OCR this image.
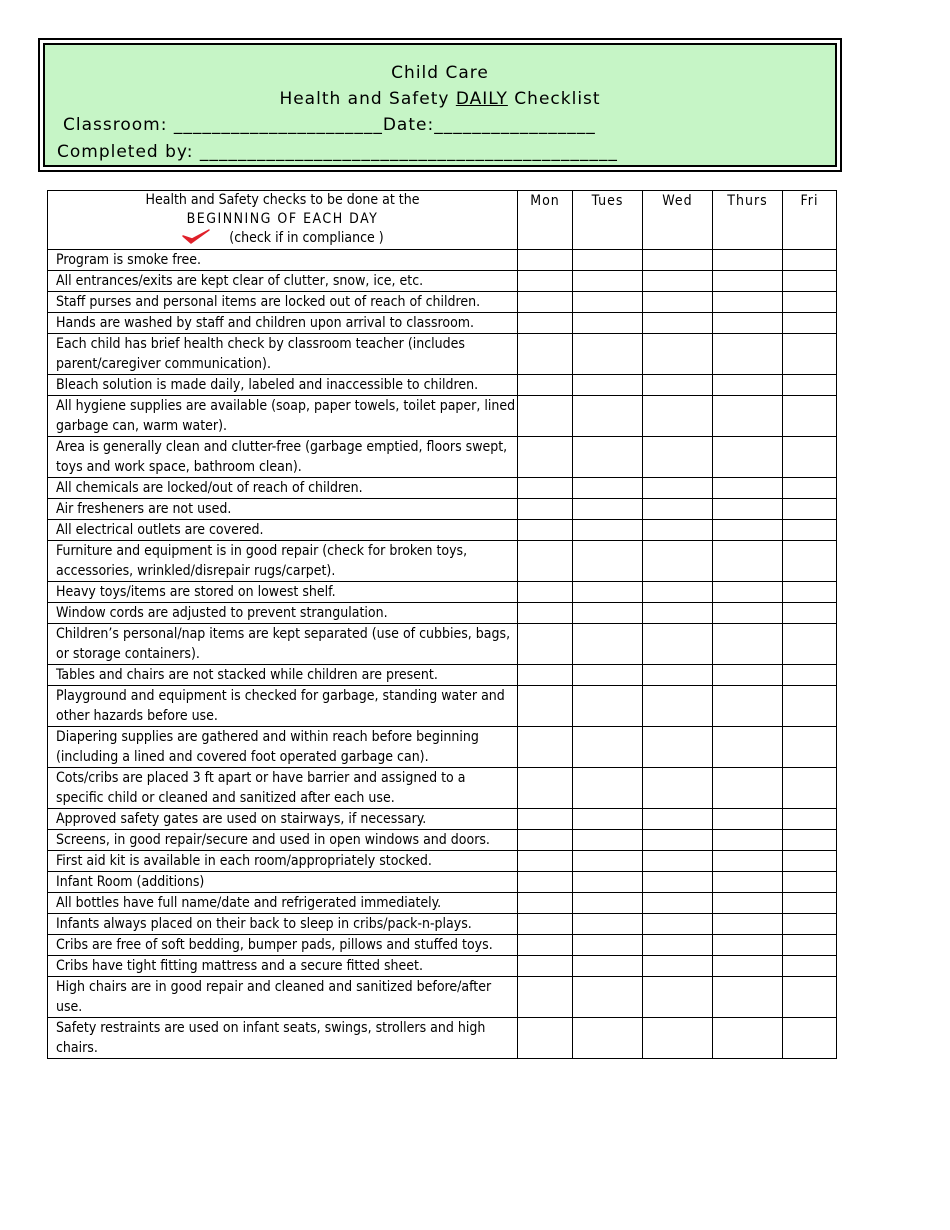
Child Care
Health and Safety DAILY Checklist
Classroom: ______________________Date:_________________
Completed by: ____________________________________________
Health and Safety checks to be done at the
BEGINNING OF EACH DAY
(check if in compliance )	Mon	Tues	Wed	Thurs	Fri
Program is smoke free.					
All entrances/exits are kept clear of clutter, snow, ice, etc.					
Staff purses and personal items are locked out of reach of children.					
Hands are washed by staff and children upon arrival to classroom.					
Each child has brief health check by classroom teacher (includes parent/caregiver communication).					
Bleach solution is made daily, labeled and inaccessible to children.					
All hygiene supplies are available (soap, paper towels, toilet paper, lined garbage can, warm water).					
Area is generally clean and clutter-free (garbage emptied, floors swept, toys and work space, bathroom clean).					
All chemicals are locked/out of reach of children.					
Air fresheners are not used.					
All electrical outlets are covered.					
Furniture and equipment is in good repair (check for broken toys, accessories, wrinkled/disrepair rugs/carpet).					
Heavy toys/items are stored on lowest shelf.					
Window cords are adjusted to prevent strangulation.					
Children’s personal/nap items are kept separated (use of cubbies, bags, or storage containers).					
Tables and chairs are not stacked while children are present.					
Playground and equipment is checked for garbage, standing water and other hazards before use.					
Diapering supplies are gathered and within reach before beginning (including a lined and covered foot operated garbage can).					
Cots/cribs are placed 3 ft apart or have barrier and assigned to a specific child or cleaned and sanitized after each use.					
Approved safety gates are used on stairways, if necessary.					
Screens, in good repair/secure and used in open windows and doors.					
First aid kit is available in each room/appropriately stocked.					
Infant Room (additions)					
All bottles have full name/date and refrigerated immediately.					
Infants always placed on their back to sleep in cribs/pack-n-plays.					
Cribs are free of soft bedding, bumper pads, pillows and stuffed toys.					
Cribs have tight fitting mattress and a secure fitted sheet.					
High chairs are in good repair and cleaned and sanitized before/after use.					
Safety restraints are used on infant seats, swings, strollers and high chairs.					
